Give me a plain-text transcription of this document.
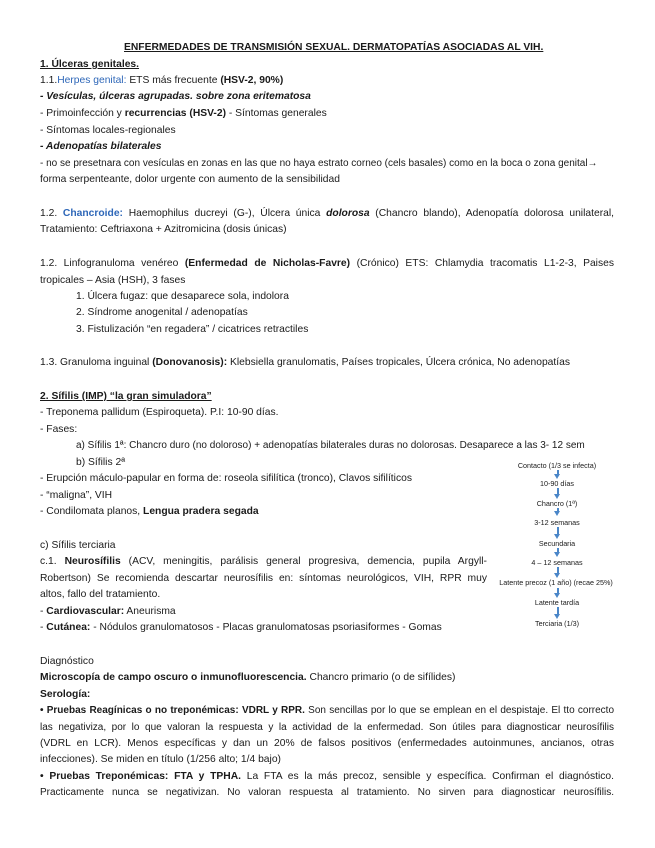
ENFERMEDADES DE TRANSMISIÓN SEXUAL. DERMATOPATÍAS ASOCIADAS AL VIH.
1. Úlceras genitales.
1.1.Herpes genital: ETS más frecuente (HSV-2, 90%)
- Vesículas, úlceras agrupadas. sobre zona eritematosa
- Primoinfección y recurrencias (HSV-2) - Síntomas generales
- Síntomas locales-regionales
- Adenopatías bilaterales
- no se presetnara con vesículas en zonas en las que no haya estrato corneo (cels basales) como en la boca o zona genital→
forma serpenteante, dolor urgente con aumento de la sensibilidad
1.2. Chancroide: Haemophilus ducreyi (G-), Úlcera única dolorosa (Chancro blando), Adenopatía dolorosa unilateral,
Tratamiento: Ceftriaxona + Azitromicina (dosis únicas)
1.2. Linfogranuloma venéreo (Enfermedad de Nicholas-Favre) (Crónico) ETS: Chlamydia tracomatis L1-2-3, Paises
tropicales – Asia (HSH), 3 fases
1. Úlcera fugaz: que desaparece sola, indolora
2. Síndrome anogenital / adenopatías
3. Fistulización “en regadera” / cicatrices retractiles
1.3. Granuloma inguinal (Donovanosis): Klebsiella granulomatis, Países tropicales, Úlcera crónica, No adenopatías
2. Sífilis (IMP) “la gran simuladora”
- Treponema pallidum (Espiroqueta). P.I: 10-90 días.
- Fases:
a) Sífilis 1ª: Chancro duro (no doloroso) + adenopatías bilaterales duras no dolorosas. Desaparece a las 3- 12 sem
b) Sífilis 2ª
- Erupción máculo-papular en forma de: roseola sifilítica (tronco), Clavos sifilíticos
- “maligna”, VIH
- Condilomata planos, Lengua pradera segada
c) Sífilis terciaria
c.1. Neurosífilis (ACV, meningitis, parálisis general progresiva, demencia, pupila Argyll-
Robertson) Se recomienda descartar neurosífilis en: síntomas neurológicos, VIH, RPR muy
altos, fallo del tratamiento.
- Cardiovascular: Aneurisma
- Cutánea: - Nódulos granulomatosos - Placas granulomatosas psoriasiformes - Gomas
Contacto (1/3 se infecta)
10-90 días
Chancro (1ª)
3-12 semanas
Secundaria
4 – 12 semanas
Latente precoz (1 año) (recae 25%)
Latente tardía
Terciaria (1/3)
Diagnóstico
Microscopía de campo oscuro o inmunofluorescencia. Chancro primario (o de sifílides)
Serología:
• Pruebas Reagínicas o no treponémicas: VDRL y RPR. Son sencillas por lo que se emplean en el despistaje. El tto correcto
las negativiza, por lo que valoran la respuesta y la actividad de la enfermedad. Son útiles para diagnosticar neurosífilis
(VDRL en LCR). Menos específicas y dan un 20% de falsos positivos (enfermedades autoinmunes, ancianos, otras
infecciones). Se miden en título (1/256 alto; 1/4 bajo)
• Pruebas Treponémicas: FTA y TPHA. La FTA es la más precoz, sensible y específica. Confirman el diagnóstico.
Practicamente nunca se negativizan. No valoran respuesta al tratamiento. No sirven para diagnosticar neurosífilis.
